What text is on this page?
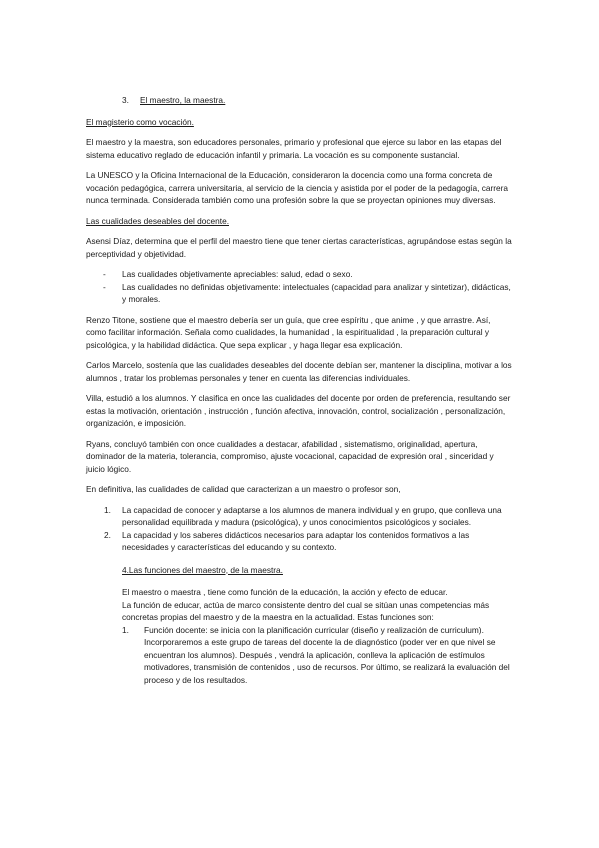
3. El maestro, la maestra.
El magisterio como vocación.

El maestro y la maestra, son educadores personales, primario y profesional que ejerce su labor en las etapas del sistema educativo reglado de educación infantil y primaria. La vocación es su componente sustancial.

La UNESCO y la Oficina Internacional de la Educación, consideraron la docencia como una forma concreta de vocación pedagógica, carrera universitaria, al servicio de la ciencia y asistida por el poder de la pedagogía, carrera nunca terminada. Considerada también como una profesión sobre la que se proyectan opiniones muy diversas.

Las cualidades deseables del docente.

Asensi Díaz, determina que el perfil del maestro tiene que tener ciertas características, agrupándose estas según la perceptividad y objetividad.

- Las cualidades objetivamente apreciables: salud, edad o sexo.
- Las cualidades no definidas objetivamente: intelectuales (capacidad para analizar y sintetizar), didácticas, y morales.

Renzo Titone, sostiene que el maestro debería ser un guía, que cree espíritu , que anime , y que arrastre. Así, como facilitar información. Señala como cualidades, la humanidad , la espiritualidad , la preparación cultural y psicológica, y la habilidad didáctica. Que sepa explicar , y haga llegar esa explicación.

Carlos Marcelo, sostenía que las cualidades deseables del docente debían ser, mantener la disciplina, motivar a los alumnos , tratar los problemas personales y tener en cuenta las diferencias individuales.

Villa, estudió a los alumnos. Y clasifica en once las cualidades del docente por orden de preferencia, resultando ser estas la motivación, orientación , instrucción , función afectiva, innovación, control, socialización , personalización, organización, e imposición.

Ryans, concluyó también con once cualidades a destacar, afabilidad , sistematismo, originalidad, apertura, dominador de la materia, tolerancia, compromiso, ajuste vocacional, capacidad de expresión oral , sinceridad y juicio lógico.

En definitiva, las cualidades de calidad que caracterizan a un maestro o profesor son,

1. La capacidad de conocer y adaptarse a los alumnos de manera individual y en grupo, que conlleva una personalidad equilibrada y madura (psicológica), y unos conocimientos psicológicos y sociales.
2. La capacidad y los saberes didácticos necesarios para adaptar los contenidos formativos a las necesidades y características del educando y su contexto.
4.Las funciones del maestro, de la maestra.

El maestro o maestra , tiene como función de la educación, la acción y efecto de educar.

La función de educar, actúa de marco consistente dentro del cual se sitúan unas competencias más concretas propias del maestro y de la maestra en la actualidad. Estas funciones son:

1. Función docente: se inicia con la planificación curricular (diseño y realización de curriculum). Incorporaremos a este grupo de tareas del docente la de diagnóstico (poder ver en que nivel se encuentran los alumnos). Después , vendrá la aplicación, conlleva la aplicación de estímulos motivadores, transmisión de contenidos , uso de recursos. Por último, se realizará la evaluación del proceso y de los resultados.
